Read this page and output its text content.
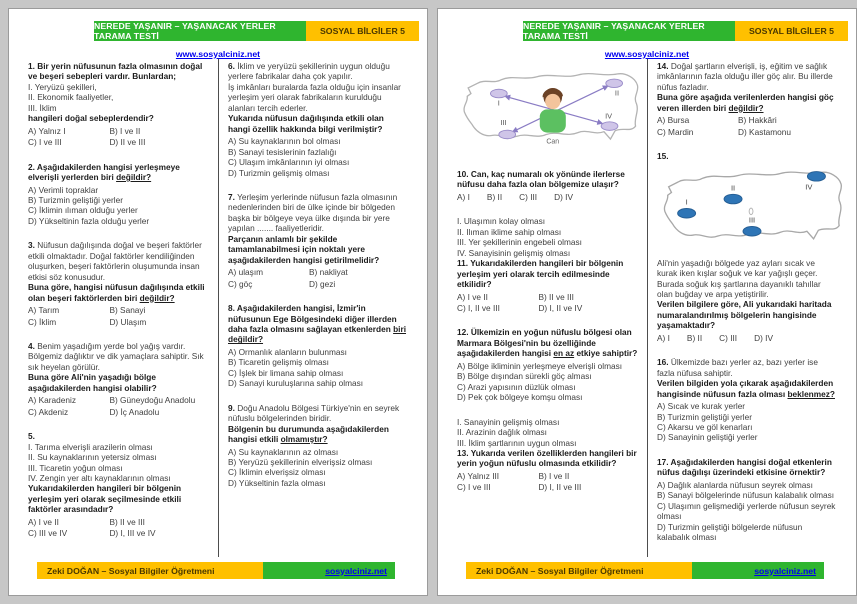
NEREDE YAŞANIR – YAŞANACAK YERLER TARAMA TESTİ	SOSYAL BİLGİLER 5
www.sosyalciniz.net

1. Bir yerin nüfusunun fazla olmasının doğal ve beşeri sebepleri vardır. Bunlardan;

I. Yeryüzü şekilleri,

II. Ekonomik faaliyetler,

III. İklim

hangileri doğal sebeplerdendir?

A) Yalnız I	B) I ve II
C) I ve III	D) II ve III

2. Aşağıdakilerden hangisi yerleşmeye elverişli yerlerden biri değildir?

A) Verimli topraklar

B) Turizmin geliştiği yerler

C) İklimin ılıman olduğu yerler

D) Yükseltinin fazla olduğu yerler

3. Nüfusun dağılışında doğal ve beşeri faktörler etkili olmaktadır. Doğal faktörler kendiliğinden oluşurken, beşeri faktörlerin oluşumunda insan etkisi söz konusudur.

Buna göre, hangisi nüfusun dağılışında etkili olan beşeri faktörlerden biri değildir?

A) Tarım	B) Sanayi
C) İklim	D) Ulaşım

4. Benim yaşadığım yerde bol yağış vardır. Bölgemiz dağlıktır ve dik yamaçlara sahiptir. Sık sık heyelan görülür.

Buna göre Ali'nin yaşadığı bölge aşağıdakilerden hangisi olabilir?

A) Karadeniz	B) Güneydoğu Anadolu
C) Akdeniz	D) İç Anadolu

5.

I. Tarıma elverişli arazilerin olması

II. Su kaynaklarının yetersiz olması

III. Ticaretin yoğun olması

IV. Zengin yer altı kaynaklarının olması

Yukarıdakilerden hangileri bir bölgenin yerleşim yeri olarak seçilmesinde etkili faktörler arasındadır?

A) I ve II	B) II ve III
C) III ve IV	D) I, III ve IV

6. İklim ve yeryüzü şekillerinin uygun olduğu yerlere fabrikalar daha çok yapılır.

İş imkânları buralarda fazla olduğu için insanlar yerleşim yeri olarak fabrikaların kurulduğu alanları tercih ederler.

Yukarıda nüfusun dağılışında etkili olan hangi özellik hakkında bilgi verilmiştir?

A) Su kaynaklarının bol olması

B) Sanayi tesislerinin fazlalığı

C) Ulaşım imkânlarının iyi olması

D) Turizmin gelişmiş olması

7. Yerleşim yerlerinde nüfusun fazla olmasının nedenlerinden biri de ülke içinde bir bölgeden başka bir bölgeye veya ülke dışında bir yere yapılan ....... faaliyetleridir.

Parçanın anlamlı bir şekilde tamamlanabilmesi için noktalı yere aşağıdakilerden hangisi getirilmelidir?

A) ulaşım	B) nakliyat
C) göç	D) gezi

8. Aşağıdakilerden hangisi, İzmir'in nüfusunun Ege Bölgesindeki diğer illerden daha fazla olmasını sağlayan etkenlerden biri değildir?

A) Ormanlık alanların bulunması

B) Ticaretin gelişmiş olması

C) İşlek bir limana sahip olması

D) Sanayi kuruluşlarına sahip olması

9. Doğu Anadolu Bölgesi Türkiye'nin en seyrek nüfuslu bölgelerinden biridir.

Bölgenin bu durumunda aşağıdakilerden hangisi etkili olmamıştır?

A) Su kaynaklarının az olması

B) Yeryüzü şekillerinin elverişsiz olması

C) İklimin elverişsiz olması

D) Yükseltinin fazla olması

Zeki DOĞAN – Sosyal Bilgiler Öğretmeni	sosyalciniz.net
NEREDE YAŞANIR – YAŞANACAK YERLER TARAMA TESTİ	SOSYAL BİLGİLER 5
www.sosyalciniz.net
I
II
III
IV
Can

10. Can, kaç numaralı ok yönünde ilerlerse nüfusu daha fazla olan bölgemize ulaşır?

A) I B) II C) III D) IV

I. Ulaşımın kolay olması

II. Ilıman iklime sahip olması

III. Yer şekillerinin engebeli olması

IV. Sanayisinin gelişmiş olması

11. Yukarıdakilerden hangileri bir bölgenin yerleşim yeri olarak tercih edilmesinde etkilidir?

A) I ve II	B) II ve III
C) I, II ve III	D) I, II ve IV

12. Ülkemizin en yoğun nüfuslu bölgesi olan Marmara Bölgesi'nin bu özelliğinde aşağıdakilerden hangisi en az etkiye sahiptir?

A) Bölge ikliminin yerleşmeye elverişli olması

B) Bölge dışından sürekli göç alması

C) Arazi yapısının düzlük olması

D) Pek çok bölgeye komşu olması

I. Sanayinin gelişmiş olması

II. Arazinin dağlık olması

III. İklim şartlarının uygun olması

13. Yukarıda verilen özelliklerden hangileri bir yerin yoğun nüfuslu olmasında etkilidir?

A) Yalnız III	B) I ve II
C) I ve III	D) I, II ve III

14. Doğal şartların elverişli, iş, eğitim ve sağlık imkânlarının fazla olduğu iller göç alır. Bu illerde nüfus fazladır.

Buna göre aşağıda verilenlerden hangisi göç veren illerden biri değildir?

A) Bursa	B) Hakkâri
C) Mardin	D) Kastamonu

15.

I
II
III
IV

Ali'nin yaşadığı bölgede yaz ayları sıcak ve kurak iken kışlar soğuk ve kar yağışlı geçer. Burada soğuk kış şartlarına dayanıklı tahıllar olan buğday ve arpa yetiştirilir.

Verilen bilgilere göre, Ali yukarıdaki haritada numaralandırılmış bölgelerin hangisinde yaşamaktadır?

A) I B) II C) III D) IV

16. Ülkemizde bazı yerler az, bazı yerler ise fazla nüfusa sahiptir.

Verilen bilgiden yola çıkarak aşağıdakilerden hangisinde nüfusun fazla olması beklenmez?

A) Sıcak ve kurak yerler

B) Turizmin geliştiği yerler

C) Akarsu ve göl kenarları

D) Sanayinin geliştiği yerler

17. Aşağıdakilerden hangisi doğal etkenlerin nüfus dağılışı üzerindeki etkisine örnektir?

A) Dağlık alanlarda nüfusun seyrek olması

B) Sanayi bölgelerinde nüfusun kalabalık olması

C) Ulaşımın gelişmediği yerlerde nüfusun seyrek olması

D) Turizmin geliştiği bölgelerde nüfusun kalabalık olması

Zeki DOĞAN – Sosyal Bilgiler Öğretmeni	sosyalciniz.net
